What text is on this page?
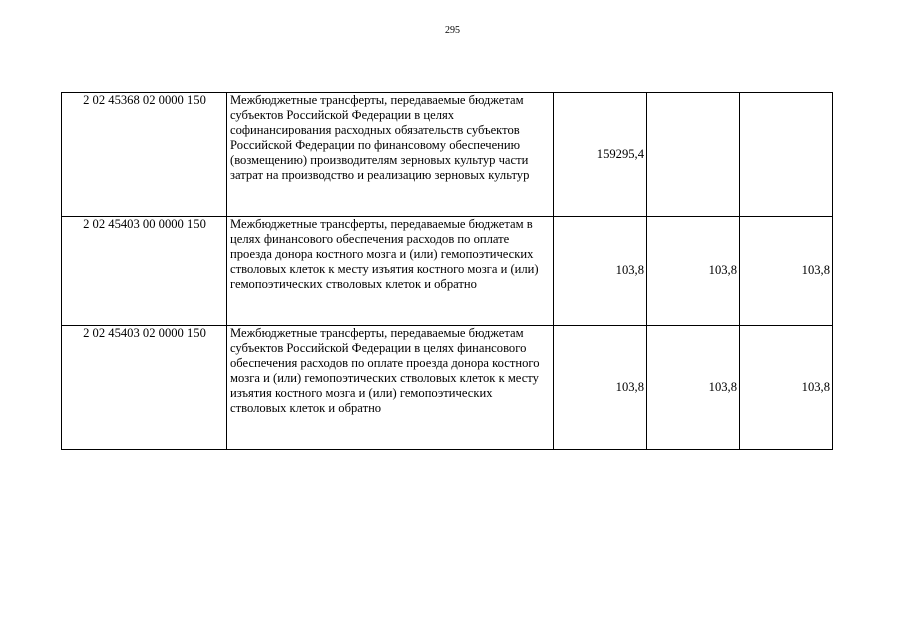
295
2 02 45368 02 0000 150	Межбюджетные трансферты, передаваемые бюджетам субъектов Российской Федерации в целях софинансирования расходных обязательств субъектов Российской Федерации по финансовому обеспечению (возмещению) производителям зерновых культур части затрат на производство и реализацию зерновых культур	159295,4		
2 02 45403 00 0000 150	Межбюджетные трансферты, передаваемые бюджетам в целях финансового обеспечения расходов по оплате проезда донора костного мозга и (или) гемопоэтических стволовых клеток к месту изъятия костного мозга и (или) гемопоэтических стволовых клеток и обратно	103,8	103,8	103,8
2 02 45403 02 0000 150	Межбюджетные трансферты, передаваемые бюджетам субъектов Российской Федерации в целях финансового обеспечения расходов по оплате проезда донора костного мозга и (или) гемопоэтических стволовых клеток к месту изъятия костного мозга и (или) гемопоэтических стволовых клеток и обратно	103,8	103,8	103,8
